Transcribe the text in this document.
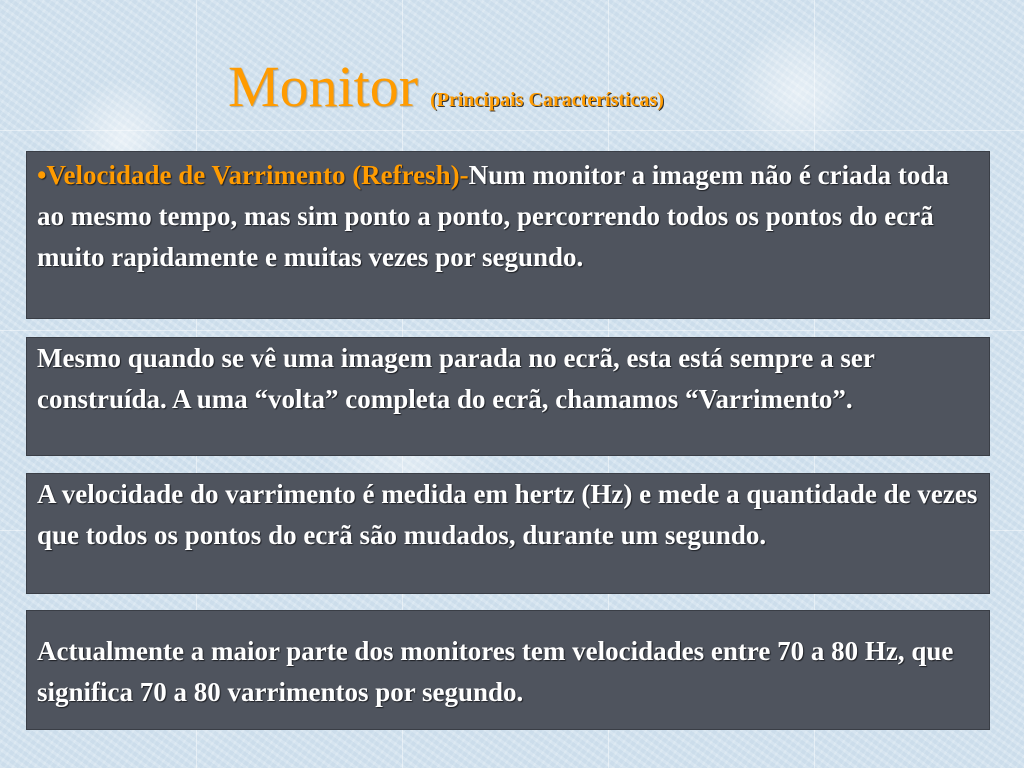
Monitor (Principais Características)
•Velocidade de Varrimento (Refresh)-Num monitor a imagem não é criada toda ao mesmo tempo, mas sim ponto a ponto, percorrendo todos os pontos do ecrã muito rapidamente e muitas vezes por segundo.
Mesmo quando se vê uma imagem parada no ecrã, esta está sempre a ser construída. A uma “volta” completa do ecrã, chamamos “Varrimento”.
A velocidade do varrimento é medida em hertz (Hz) e mede a quantidade de vezes que todos os pontos do ecrã são mudados, durante um segundo.
Actualmente a maior parte dos monitores tem velocidades entre 70 a 80 Hz, que significa 70 a 80 varrimentos por segundo.
